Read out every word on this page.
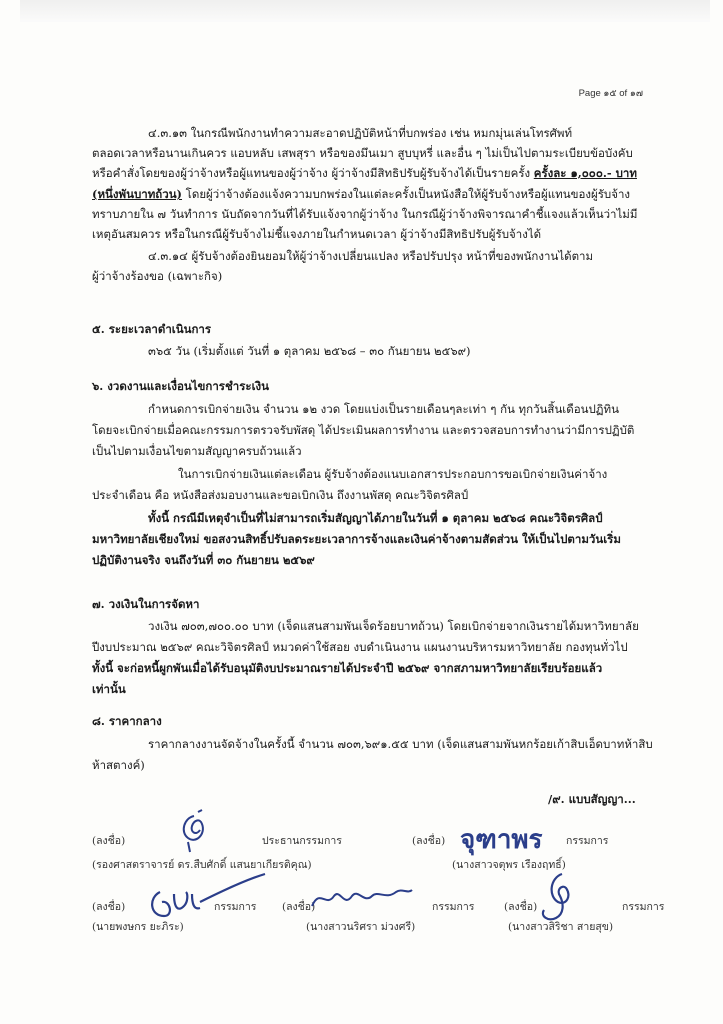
Page ๑๕ of ๑๗
๔.๓.๑๓ ในกรณีพนักงานทำความสะอาดปฏิบัติหน้าที่บกพร่อง เช่น หมกมุ่นเล่นโทรศัพท์
ตลอดเวลาหรือนานเกินควร แอบหลับ เสพสุรา หรือของมึนเมา สูบบุหรี่ และอื่น ๆ ไม่เป็นไปตามระเบียบข้อบังคับ
หรือคำสั่งโดยของผู้ว่าจ้างหรือผู้แทนของผู้ว่าจ้าง ผู้ว่าจ้างมีสิทธิปรับผู้รับจ้างได้เป็นรายครั้ง ครั้งละ ๑,๐๐๐.- บาท
(หนึ่งพันบาทถ้วน) โดยผู้ว่าจ้างต้องแจ้งความบกพร่องในแต่ละครั้งเป็นหนังสือให้ผู้รับจ้างหรือผู้แทนของผู้รับจ้าง
ทราบภายใน ๗ วันทำการ นับถัดจากวันที่ได้รับแจ้งจากผู้ว่าจ้าง ในกรณีผู้ว่าจ้างพิจารณาคำชี้แจงแล้วเห็นว่าไม่มี
เหตุอันสมควร หรือในกรณีผู้รับจ้างไม่ชี้แจงภายในกำหนดเวลา ผู้ว่าจ้างมีสิทธิปรับผู้รับจ้างได้
๔.๓.๑๔ ผู้รับจ้างต้องยินยอมให้ผู้ว่าจ้างเปลี่ยนแปลง หรือปรับปรุง หน้าที่ของพนักงานได้ตาม
ผู้ว่าจ้างร้องขอ (เฉพาะกิจ)
๕. ระยะเวลาดำเนินการ
๓๖๕ วัน (เริ่มตั้งแต่ วันที่ ๑ ตุลาคม ๒๕๖๘ – ๓๐ กันยายน ๒๕๖๙)
๖. งวดงานและเงื่อนไขการชำระเงิน
กำหนดการเบิกจ่ายเงิน จำนวน ๑๒ งวด โดยแบ่งเป็นรายเดือนๆละเท่า ๆ กัน ทุกวันสิ้นเดือนปฏิทิน
โดยจะเบิกจ่ายเมื่อคณะกรรมการตรวจรับพัสดุ ได้ประเมินผลการทำงาน และตรวจสอบการทำงานว่ามีการปฏิบัติ
เป็นไปตามเงื่อนไขตามสัญญาครบถ้วนแล้ว
ในการเบิกจ่ายเงินแต่ละเดือน ผู้รับจ้างต้องแนบเอกสารประกอบการขอเบิกจ่ายเงินค่าจ้าง
ประจำเดือน คือ หนังสือส่งมอบงานและขอเบิกเงิน ถึงงานพัสดุ คณะวิจิตรศิลป์
ทั้งนี้ กรณีมีเหตุจำเป็นที่ไม่สามารถเริ่มสัญญาได้ภายในวันที่ ๑ ตุลาคม ๒๕๖๘ คณะวิจิตรศิลป์
มหาวิทยาลัยเชียงใหม่ ขอสงวนสิทธิ์ปรับลดระยะเวลาการจ้างและเงินค่าจ้างตามสัดส่วน ให้เป็นไปตามวันเริ่ม
ปฏิบัติงานจริง จนถึงวันที่ ๓๐ กันยายน ๒๕๖๙
๗. วงเงินในการจัดหา
วงเงิน ๗๐๓,๗๐๐.๐๐ บาท (เจ็ดแสนสามพันเจ็ดร้อยบาทถ้วน) โดยเบิกจ่ายจากเงินรายได้มหาวิทยาลัย
ปีงบประมาณ ๒๕๖๙ คณะวิจิตรศิลป์ หมวดค่าใช้สอย งบดำเนินงาน แผนงานบริหารมหาวิทยาลัย กองทุนทั่วไป
ทั้งนี้ จะก่อหนี้ผูกพันเมื่อได้รับอนุมัติงบประมาณรายได้ประจำปี ๒๕๖๙ จากสภามหาวิทยาลัยเรียบร้อยแล้ว
เท่านั้น
๘. ราคากลาง
ราคากลางงานจัดจ้างในครั้งนี้ จำนวน ๗๐๓,๖๙๑.๕๕ บาท (เจ็ดแสนสามพันหกร้อยเก้าสิบเอ็ดบาทห้าสิบ
ห้าสตางค์)
/๙. แบบสัญญา...
(ลงชื่อ)	ประธานกรรมการ	(ลงชื่อ)	กรรมการ
(รองศาสตราจารย์ ดร.สืบศักดิ์ แสนยาเกียรติคุณ)	(นางสาวจตุพร เรืองฤทธิ์)
(ลงชื่อ)	กรรมการ (ลงชื่อ)	กรรมการ	(ลงชื่อ)	กรรมการ
(นายพงษกร ยะภิระ)	(นางสาวนริศรา ม่วงศรี)	(นางสาวสิริชา สายสุข)
จุฑาพร
